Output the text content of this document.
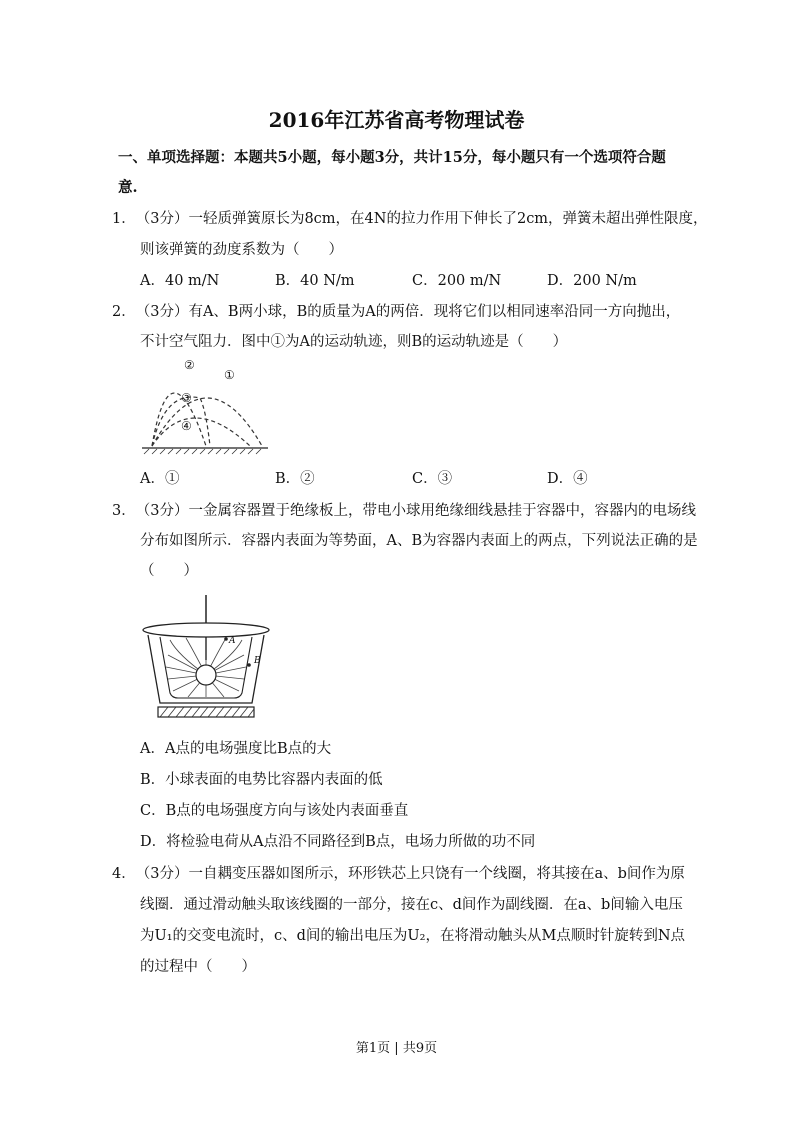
2016年江苏省高考物理试卷
一、单项选择题：本题共5小题，每小题3分，共计15分，每小题只有一个选项符合题
意.
1． （3分）一轻质弹簧原长为8cm，在4N的拉力作用下伸长了2cm，弹簧未超出弹性限度，
则该弹簧的劲度系数为（　　）
A．40 m/N	B．40 N/m	C．200 m/N	D．200 N/m
2． （3分）有A、B两小球，B的质量为A的两倍．现将它们以相同速率沿同一方向抛出，
不计空气阻力．图中①为A的运动轨迹，则B的运动轨迹是（　　）
②
①
③
④
A．①	B．②	C．③	D．④
3． （3分）一金属容器置于绝缘板上，带电小球用绝缘细线悬挂于容器中，容器内的电场线
分布如图所示．容器内表面为等势面，A、B为容器内表面上的两点，下列说法正确的是
（　　）
A
B
A．A点的电场强度比B点的大
B．小球表面的电势比容器内表面的低
C．B点的电场强度方向与该处内表面垂直
D．将检验电荷从A点沿不同路径到B点，电场力所做的功不同
4． （3分）一自耦变压器如图所示，环形铁芯上只饶有一个线圈，将其接在a、b间作为原
线圈．通过滑动触头取该线圈的一部分，接在c、d间作为副线圈．在a、b间输入电压
为U₁的交变电流时，c、d间的输出电压为U₂，在将滑动触头从M点顺时针旋转到N点
的过程中（　　）
第1页 | 共9页
